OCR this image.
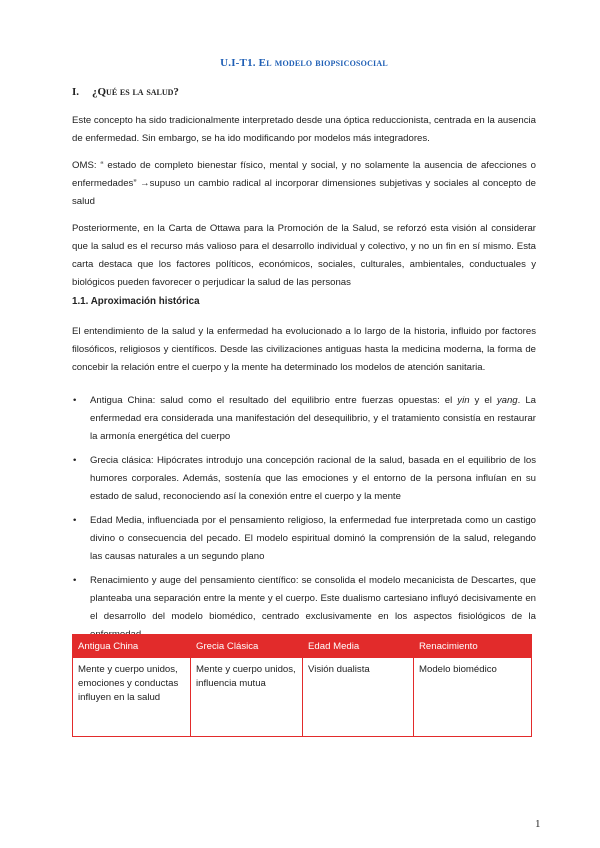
U.I-T1. El modelo biopsicosocial
I. ¿Qué es la salud?
Este concepto ha sido tradicionalmente interpretado desde una óptica reduccionista, centrada en la ausencia de enfermedad. Sin embargo, se ha ido modificando por modelos más integradores.
OMS: “ estado de completo bienestar físico, mental y social, y no solamente la ausencia de afecciones o enfermedades” →supuso un cambio radical al incorporar dimensiones subjetivas y sociales al concepto de salud
Posteriormente, en la Carta de Ottawa para la Promoción de la Salud, se reforzó esta visión al considerar que la salud es el recurso más valioso para el desarrollo individual y colectivo, y no un fin en sí mismo. Esta carta destaca que los factores políticos, económicos, sociales, culturales, ambientales, conductuales y biológicos pueden favorecer o perjudicar la salud de las personas
1.1. Aproximación histórica
El entendimiento de la salud y la enfermedad ha evolucionado a lo largo de la historia, influido por factores filosóficos, religiosos y científicos. Desde las civilizaciones antiguas hasta la medicina moderna, la forma de concebir la relación entre el cuerpo y la mente ha determinado los modelos de atención sanitaria.
• Antigua China: salud como el resultado del equilibrio entre fuerzas opuestas: el yin y el yang. La enfermedad era considerada una manifestación del desequilibrio, y el tratamiento consistía en restaurar la armonía energética del cuerpo
• Grecia clásica: Hipócrates introdujo una concepción racional de la salud, basada en el equilibrio de los humores corporales. Además, sostenía que las emociones y el entorno de la persona influían en su estado de salud, reconociendo así la conexión entre el cuerpo y la mente
• Edad Media, influenciada por el pensamiento religioso, la enfermedad fue interpretada como un castigo divino o consecuencia del pecado. El modelo espiritual dominó la comprensión de la salud, relegando las causas naturales a un segundo plano
• Renacimiento y auge del pensamiento científico: se consolida el modelo mecanicista de Descartes, que planteaba una separación entre la mente y el cuerpo. Este dualismo cartesiano influyó decisivamente en el desarrollo del modelo biomédico, centrado exclusivamente en los aspectos fisiológicos de la
Antigua China	Grecia Clásica	Edad Media	Renacimiento
Mente y cuerpo unidos, emociones y conductas influyen en la salud	Mente y cuerpo unidos, influencia mutua	Visión dualista	Modelo biomédico
1
